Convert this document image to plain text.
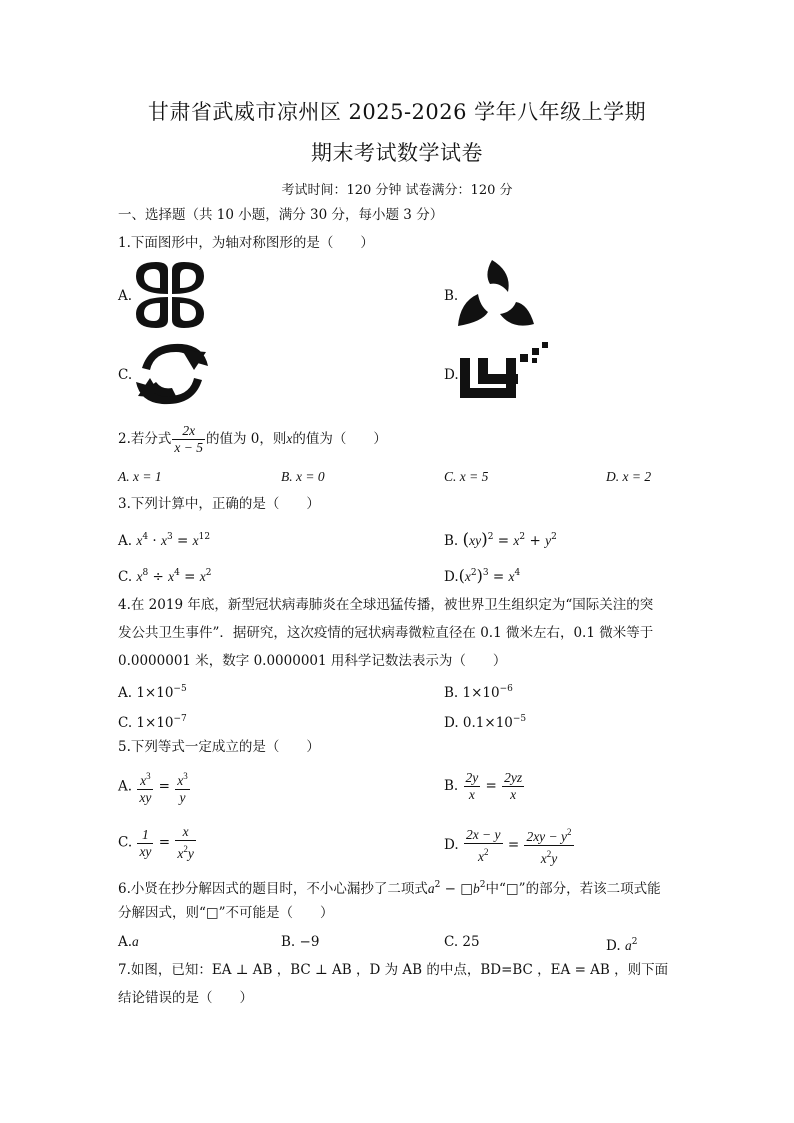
甘肃省武威市凉州区 2025-2026 学年八年级上学期
期末考试数学试卷
考试时间：120 分钟 试卷满分：120 分
一、选择题（共 10 小题，满分 30 分，每小题 3 分）
1.下面图形中，为轴对称图形的是（　　）
A.	B.
C.	D.
2.若分式 $\frac{2x}{x - 5}$ 的值为 0，则x的值为（　　）
A. x = 1	B. x = 0	C. x = 5	D. x = 2
3.下列计算中，正确的是（　　）
A. $x^4 \cdot x^3 = x^{12}$	B. $(xy)^2 = x^2 + y^2$
C. $x^8 \div x^4 = x^2$	$D.(x^2)^3 = x^4$
4.在 2019 年底，新型冠状病毒肺炎在全球迅猛传播，被世界卫生组织定为“国际关注的突
发公共卫生事件”．据研究，这次疫情的冠状病毒微粒直径在 0.1 微米左右，0.1 微米等于
0.0000001 米，数字 0.0000001 用科学记数法表示为（　　）
A. $1\times 10^{-5}$	B. $1\times 10^{-6}$
C. $1\times 10^{-7}$	D. $0.1\times 10^{-5}$
5.下列等式一定成立的是（　　）
A. $\frac{x^3}{xy} = \frac{x^3}{y}$	B. $\frac{2y}{x} = \frac{2yz}{x}$
C. $\frac{1}{xy} = \frac{x}{x^2y}$	D. $\frac{2x - y}{x^2} = \frac{2xy - y^2}{x^2y}$
6.小贤在抄分解因式的题目时，不小心漏抄了二项式$a^2$ − $□b^2$中“□”的部分，若该二项式能
分解因式，则“□”不可能是（　　）
A.a	B. −9	C. 25	D. $a^2$
7.如图，已知：EA ⊥ AB ，BC ⊥ AB ，D 为 AB 的中点，BD=BC ，EA = AB ，则下面
结论错误的是（　　）
